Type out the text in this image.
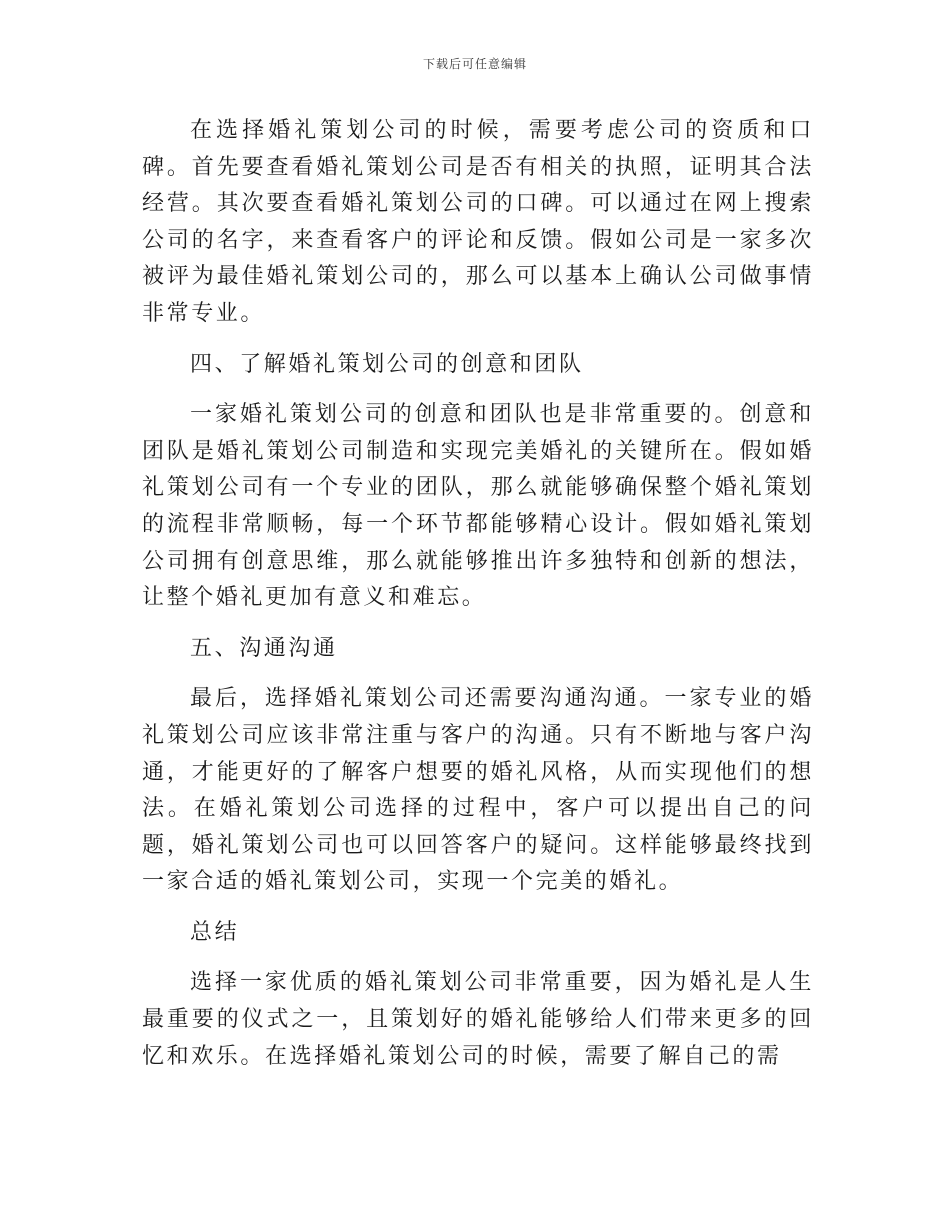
下载后可任意编辑

在选择婚礼策划公司的时候，需要考虑公司的资质和口碑。首先要查看婚礼策划公司是否有相关的执照，证明其合法经营。其次要查看婚礼策划公司的口碑。可以通过在网上搜索公司的名字，来查看客户的评论和反馈。假如公司是一家多次被评为最佳婚礼策划公司的，那么可以基本上确认公司做事情非常专业。

四、了解婚礼策划公司的创意和团队

一家婚礼策划公司的创意和团队也是非常重要的。创意和团队是婚礼策划公司制造和实现完美婚礼的关键所在。假如婚礼策划公司有一个专业的团队，那么就能够确保整个婚礼策划的流程非常顺畅，每一个环节都能够精心设计。假如婚礼策划公司拥有创意思维，那么就能够推出许多独特和创新的想法，让整个婚礼更加有意义和难忘。

五、沟通沟通

最后，选择婚礼策划公司还需要沟通沟通。一家专业的婚礼策划公司应该非常注重与客户的沟通。只有不断地与客户沟通，才能更好的了解客户想要的婚礼风格，从而实现他们的想法。在婚礼策划公司选择的过程中，客户可以提出自己的问题，婚礼策划公司也可以回答客户的疑问。这样能够最终找到一家合适的婚礼策划公司，实现一个完美的婚礼。

总结

选择一家优质的婚礼策划公司非常重要，因为婚礼是人生最重要的仪式之一，且策划好的婚礼能够给人们带来更多的回忆和欢乐。在选择婚礼策划公司的时候，需要了解自己的需
